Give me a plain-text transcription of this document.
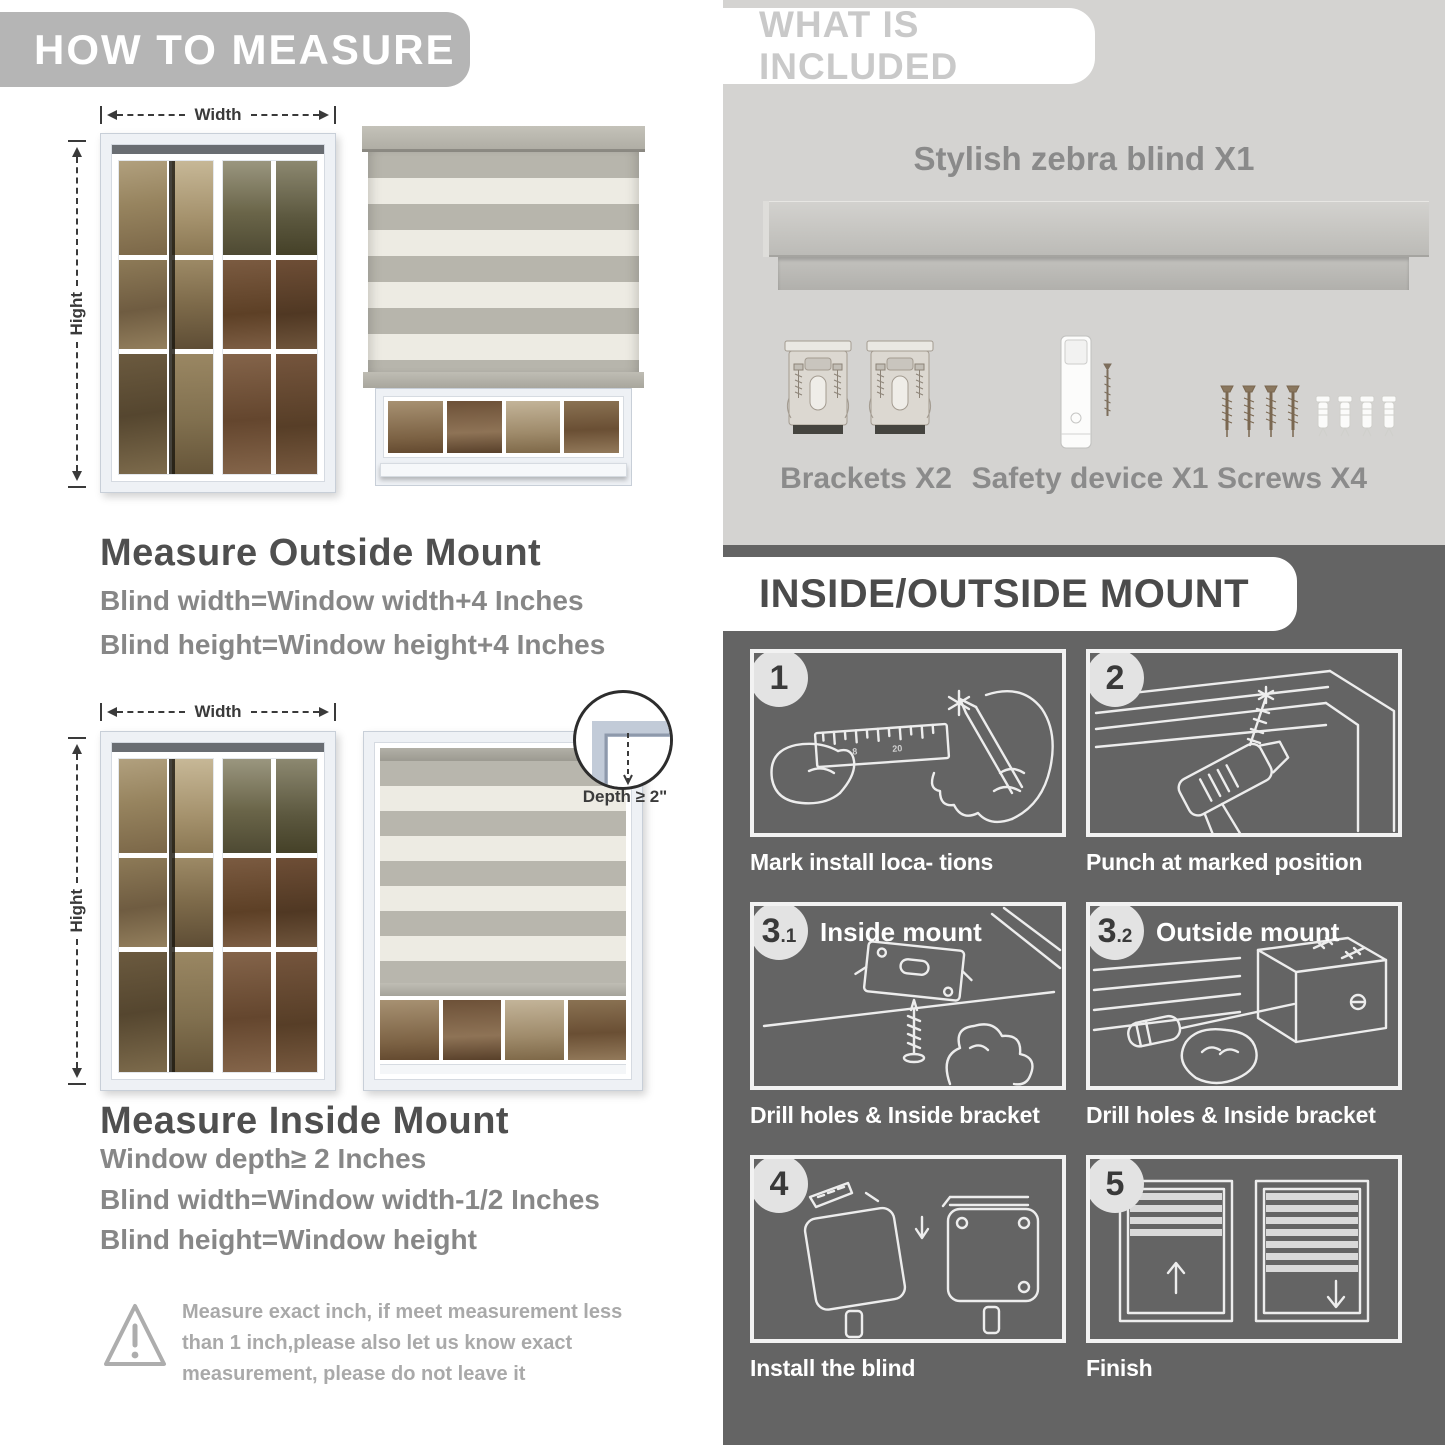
HOW TO MEASURE
Width
Hight
Measure Outside Mount
Blind width=Window width+4 Inches
Blind height=Window height+4 Inches
Width
Hight
Depth ≥ 2"
Measure Inside Mount
Window depth≥ 2 Inches
Blind width=Window width-1/2 Inches
Blind height=Window height
Measure exact inch, if meet measurement less than 1 inch,please also let us know exact measurement, please do not leave it
WHAT IS INCLUDED
Stylish zebra blind X1
Brackets X2 Safety device X1 Screws X4
INSIDE/OUTSIDE MOUNT
1
8	20
Mark install loca- tions
2
Punch at marked position
3 .1 Inside mount
Drill holes & Inside bracket
3 .2 Outside mount
Drill holes & Inside bracket
4
Install the blind
5
Finish
